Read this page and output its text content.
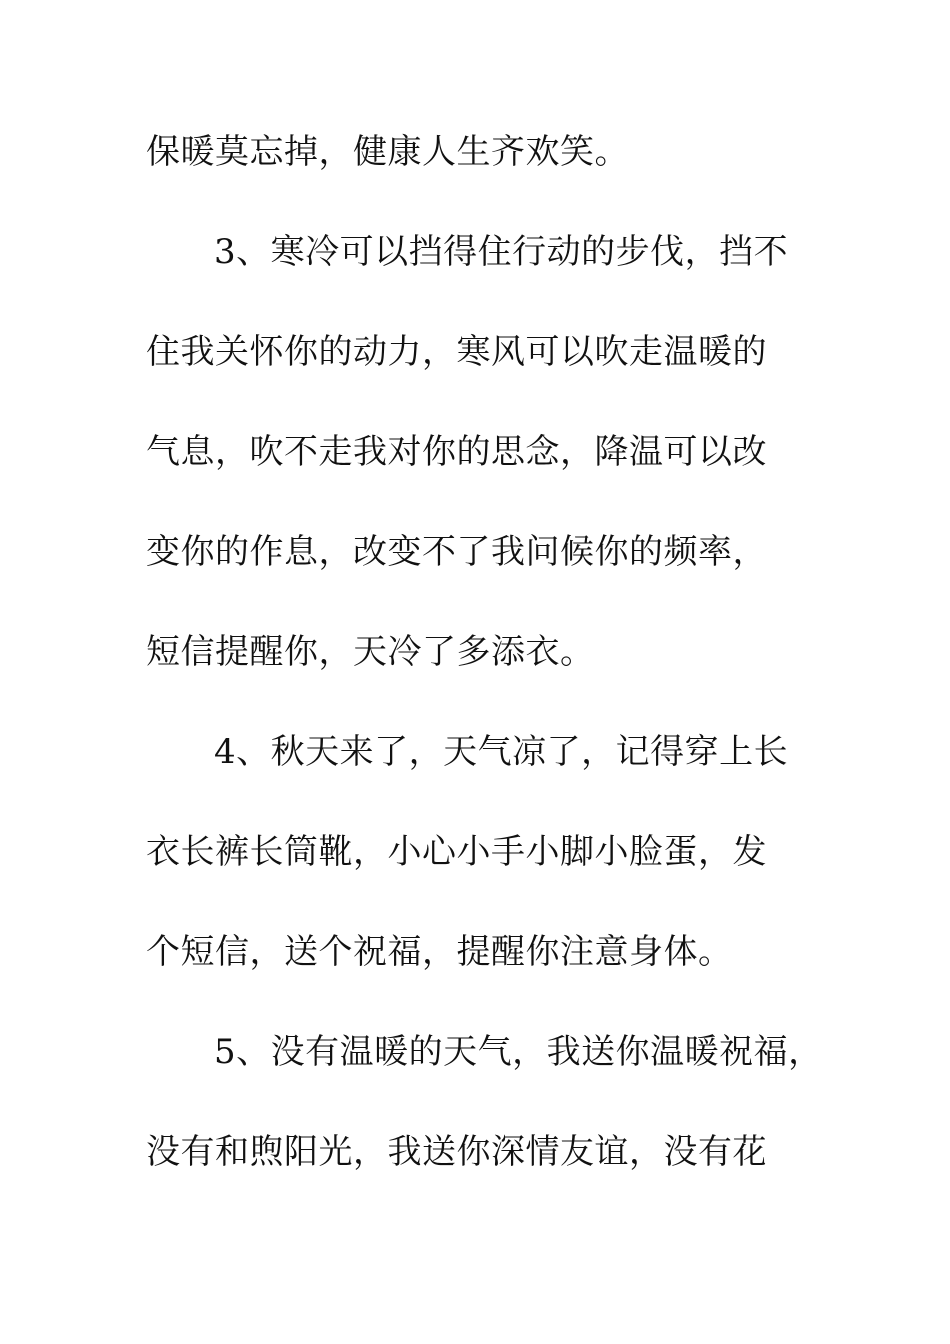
保暖莫忘掉，健康人生齐欢笑。
3、寒冷可以挡得住行动的步伐，挡不
住我关怀你的动力，寒风可以吹走温暖的
气息，吹不走我对你的思念，降温可以改
变你的作息，改变不了我问候你的频率，
短信提醒你，天冷了多添衣。
4、秋天来了，天气凉了，记得穿上长
衣长裤长筒靴，小心小手小脚小脸蛋，发
个短信，送个祝福，提醒你注意身体。
5、没有温暖的天气，我送你温暖祝福，
没有和煦阳光，我送你深情友谊，没有花
